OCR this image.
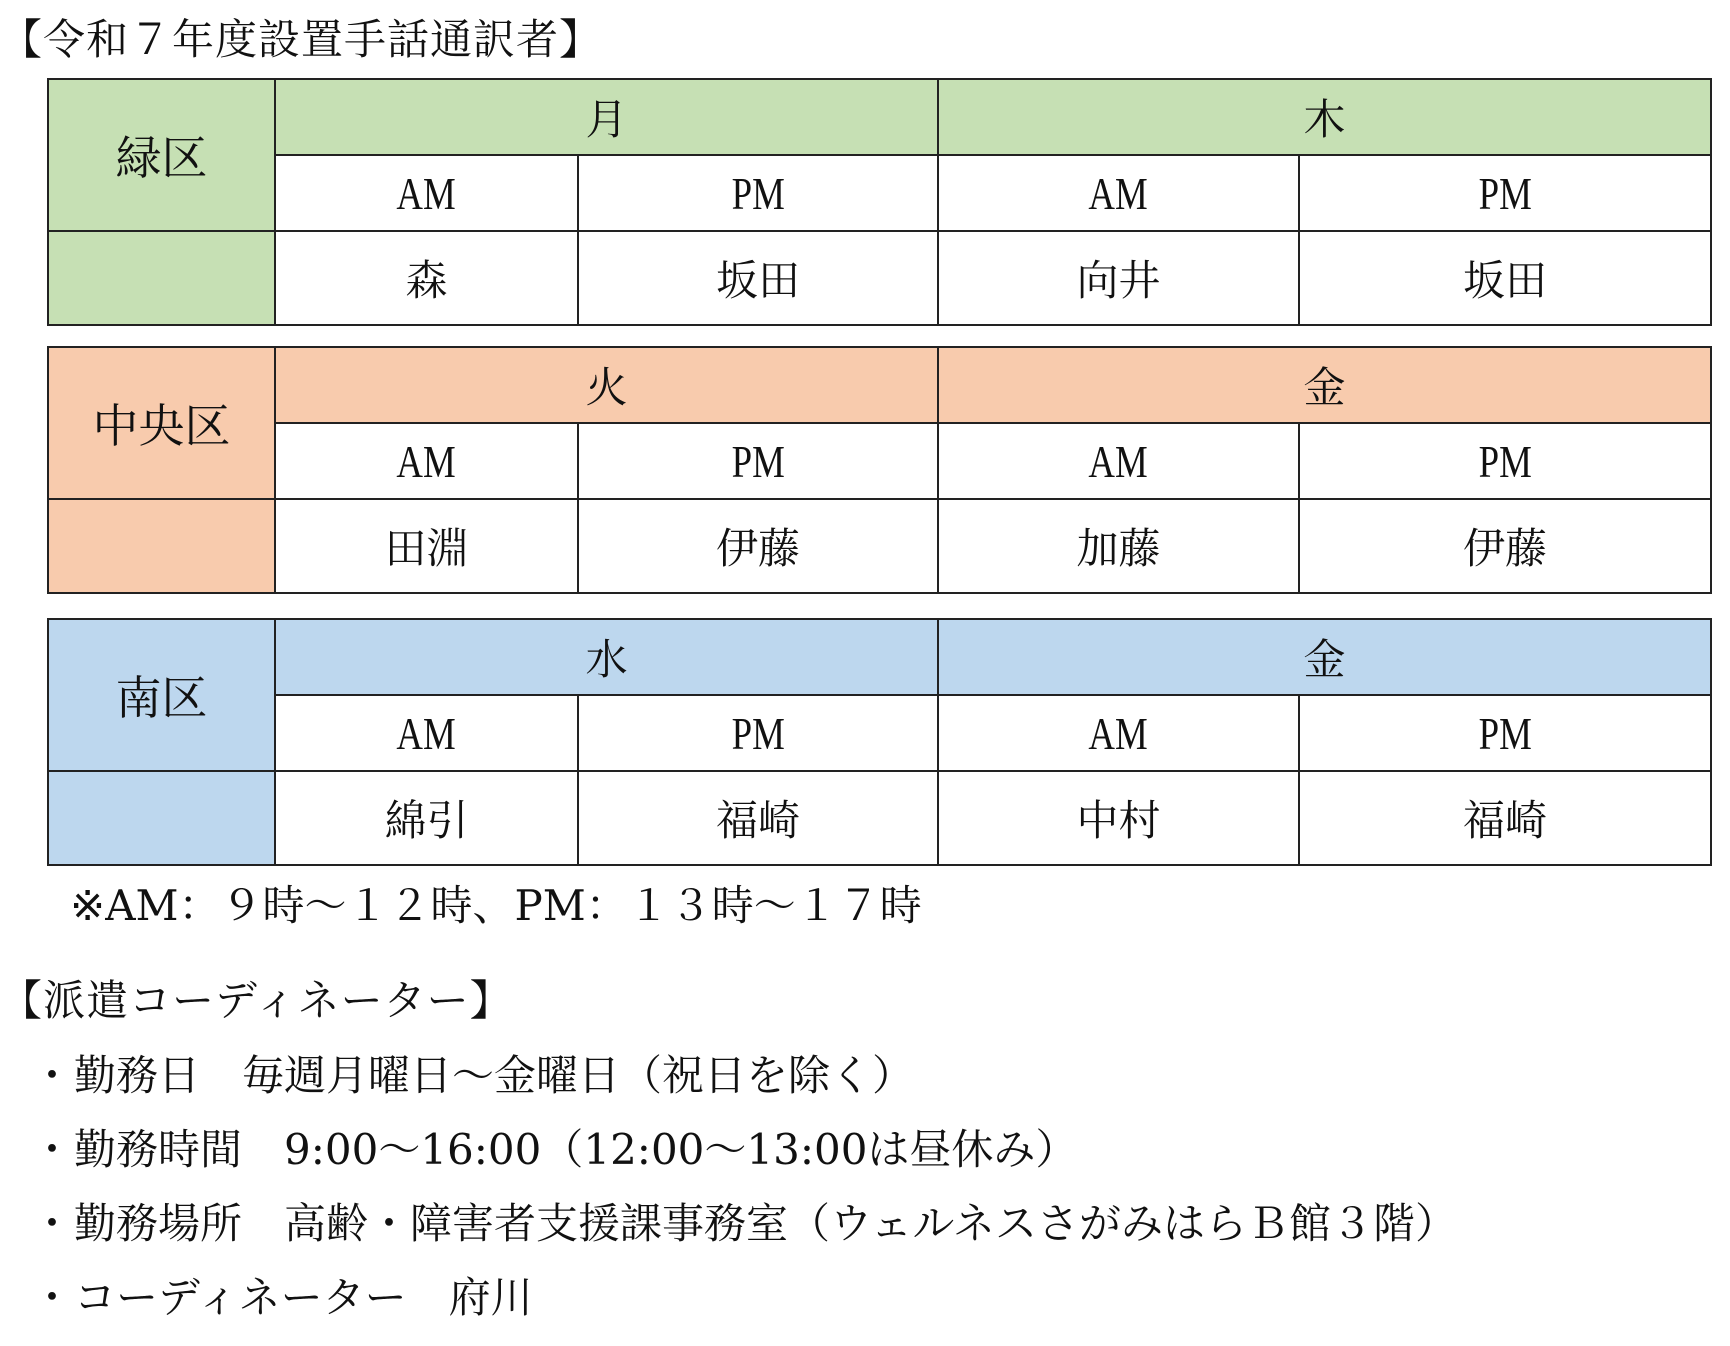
【令和７年度設置手話通訳者】
緑区	月		木	
	AM	PM	AM	PM
	森	坂田	向井	坂田
中央区	火		金	
	AM	PM	AM	PM
	田淵	伊藤	加藤	伊藤
南区	水		金	
	AM	PM	AM	PM
	綿引	福崎	中村	福崎
※AM：９時～１２時、PM：１３時～１７時
【派遣コーディネーター】
・勤務日　毎週月曜日～金曜日（祝日を除く）
・勤務時間　9:00～16:00（12:00～13:00は昼休み）
・勤務場所　高齢・障害者支援課事務室（ウェルネスさがみはらＢ館３階）
・コーディネーター　府川
